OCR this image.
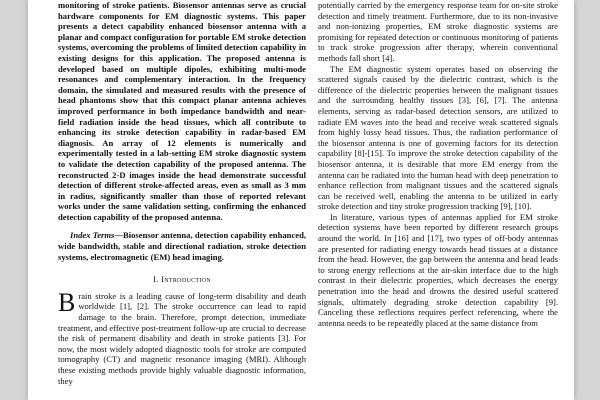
monitoring of stroke patients. Biosensor antennas serve as crucial hardware components for EM diagnostic systems. This paper presents a detect capability enhanced biosensor antenna with a planar and compact configuration for portable EM stroke detection systems, overcoming the problems of limited detection capability in existing designs for this application. The proposed antenna is developed based on multiple dipoles, exhibiting multi-mode resonances and complementary interaction. In the frequency domain, the simulated and measured results with the presence of head phantoms show that this compact planar antenna achieves improved performance in both impedance bandwidth and near-field radiation inside the head tissues, which all contribute to enhancing its stroke detection capability in radar-based EM diagnosis. An array of 12 elements is numerically and experimentally tested in a lab-setting EM stroke diagnostic system to validate the detection capability of the proposed antenna. The reconstructed 2-D images inside the head demonstrate successful detection of different stroke-affected areas, even as small as 3 mm in radius, significantly smaller than those of reported relevant works under the same validation setting, confirming the enhanced detection capability of the proposed antenna.

Index Terms—Biosensor antenna, detection capability enhanced, wide bandwidth, stable and directional radiation, stroke detection systems, electromagnetic (EM) head imaging.

I. Introduction

Brain stroke is a leading cause of long-term disability and death worldwide [1], [2]. The stroke occurrence can lead to rapid damage to the brain. Therefore, prompt detection, immediate treatment, and effective post-treatment follow-up are crucial to decrease the risk of permanent disability and death in stroke patients [3]. For now, the most widely adopted diagnostic tools for stroke are computed tomography (CT) and magnetic resonance imaging (MRI). Although these existing methods provide highly valuable diagnostic information, they

potentially carried by the emergency response team for on-site stroke detection and timely treatment. Furthermore, due to its non-invasive and non-ionizing properties, EM stroke diagnostic systems are promising for repeated detection or continuous monitoring of patients to track stroke progression after therapy, wherein conventional methods fall short [4].

The EM diagnostic system operates based on observing the scattered signals caused by the dielectric contrast, which is the difference of the dielectric properties between the malignant tissues and the surrounding healthy tissues [3], [6], [7]. The antenna elements, serving as radar-based detection sensors, are utilized to radiate EM waves into the head and receive weak scattered signals from highly lossy head tissues. Thus, the radiation performance of the biosensor antenna is one of governing factors for its detection capability [8]-[15]. To improve the stroke detection capability of the biosensor antenna, it is desirable that more EM energy from the antenna can be radiated into the human head with deep penetration to enhance reflection from malignant tissues and the scattered signals can be received well, enabling the antenna to be utilized in early stroke detection and tiny stroke progression tracking [9], [10].

In literature, various types of antennas applied for EM stroke detection systems have been reported by different research groups around the world. In [16] and [17], two types of off-body antennas are presented for radiating energy towards head tissues at a distance from the head. However, the gap between the antenna and head leads to strong energy reflections at the air-skin interface due to the high contrast in their dielectric properties, which decreases the energy penetration into the head and drowns the desired useful scattered signals, ultimately degrading stroke detection capability [9]. Canceling these reflections requires perfect referencing, where the antenna needs to be repeatedly placed at the same distance from
